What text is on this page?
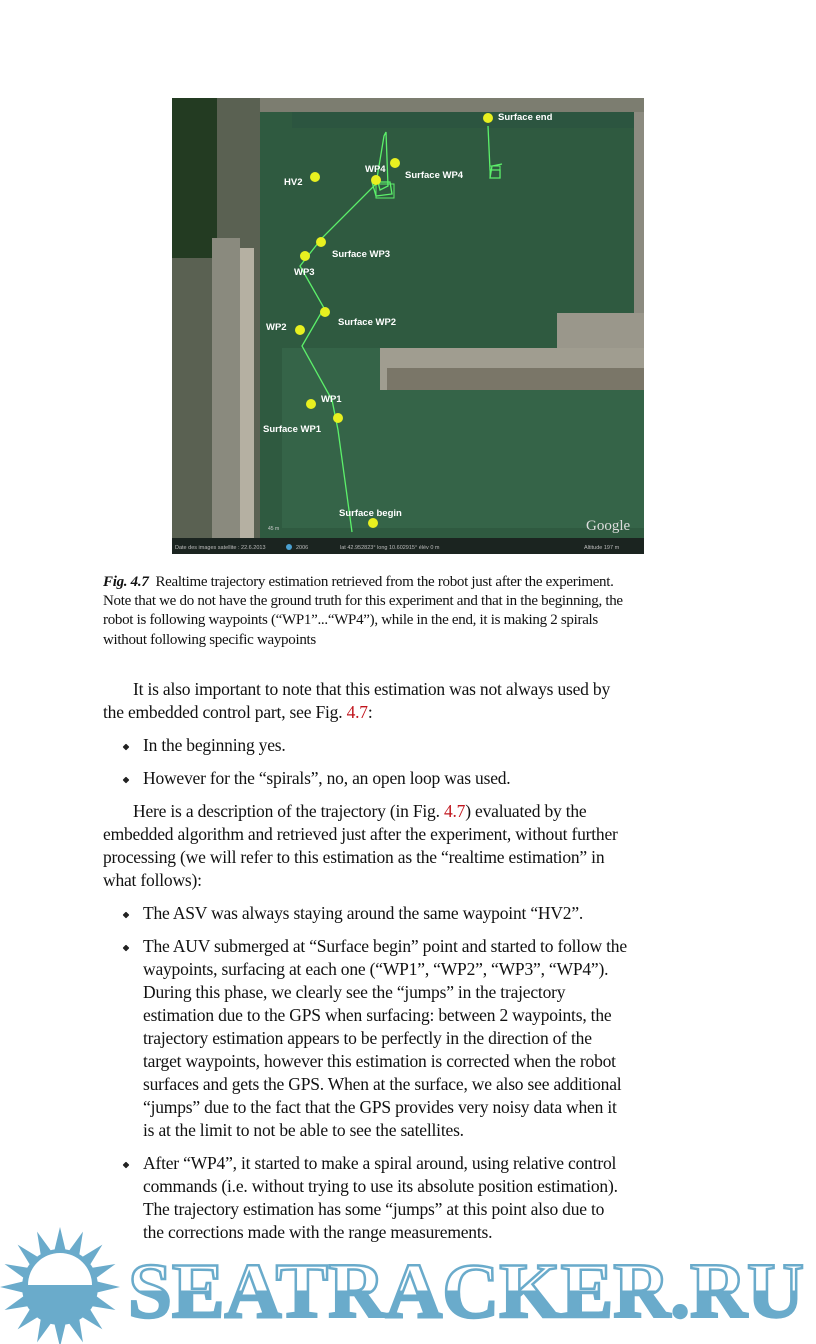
Surface end
WP4
Surface WP4
HV2
Surface WP3
WP3
Surface WP2
WP2
WP1
Surface WP1
Surface begin
Google
45 m
Date des images satellite : 22.6.2013	2006	lat 42.952823° long 10.602915° élév 0 m	Altitude 197 m
Fig. 4.7 Realtime trajectory estimation retrieved from the robot just after the experiment.
Note that we do not have the ground truth for this experiment and that in the beginning, the
robot is following waypoints (“WP1”...“WP4”), while in the end, it is making 2 spirals
without following specific waypoints
It is also important to note that this estimation was not always used by
the embedded control part, see Fig. 4.7:
In the beginning yes.
However for the “spirals”, no, an open loop was used.
Here is a description of the trajectory (in Fig. 4.7) evaluated by the
embedded algorithm and retrieved just after the experiment, without further
processing (we will refer to this estimation as the “realtime estimation” in
what follows):
The ASV was always staying around the same waypoint “HV2”.
The AUV submerged at “Surface begin” point and started to follow the
waypoints, surfacing at each one (“WP1”, “WP2”, “WP3”, “WP4”).
During this phase, we clearly see the “jumps” in the trajectory
estimation due to the GPS when surfacing: between 2 waypoints, the
trajectory estimation appears to be perfectly in the direction of the
target waypoints, however this estimation is corrected when the robot
surfaces and gets the GPS. When at the surface, we also see additional
“jumps” due to the fact that the GPS provides very noisy data when it
is at the limit to not be able to see the satellites.
After “WP4”, it started to make a spiral around, using relative control
commands (i.e. without trying to use its absolute position estimation).
The trajectory estimation has some “jumps” at this point also due to
the corrections made with the range measurements.
SEATRACKER.RU
